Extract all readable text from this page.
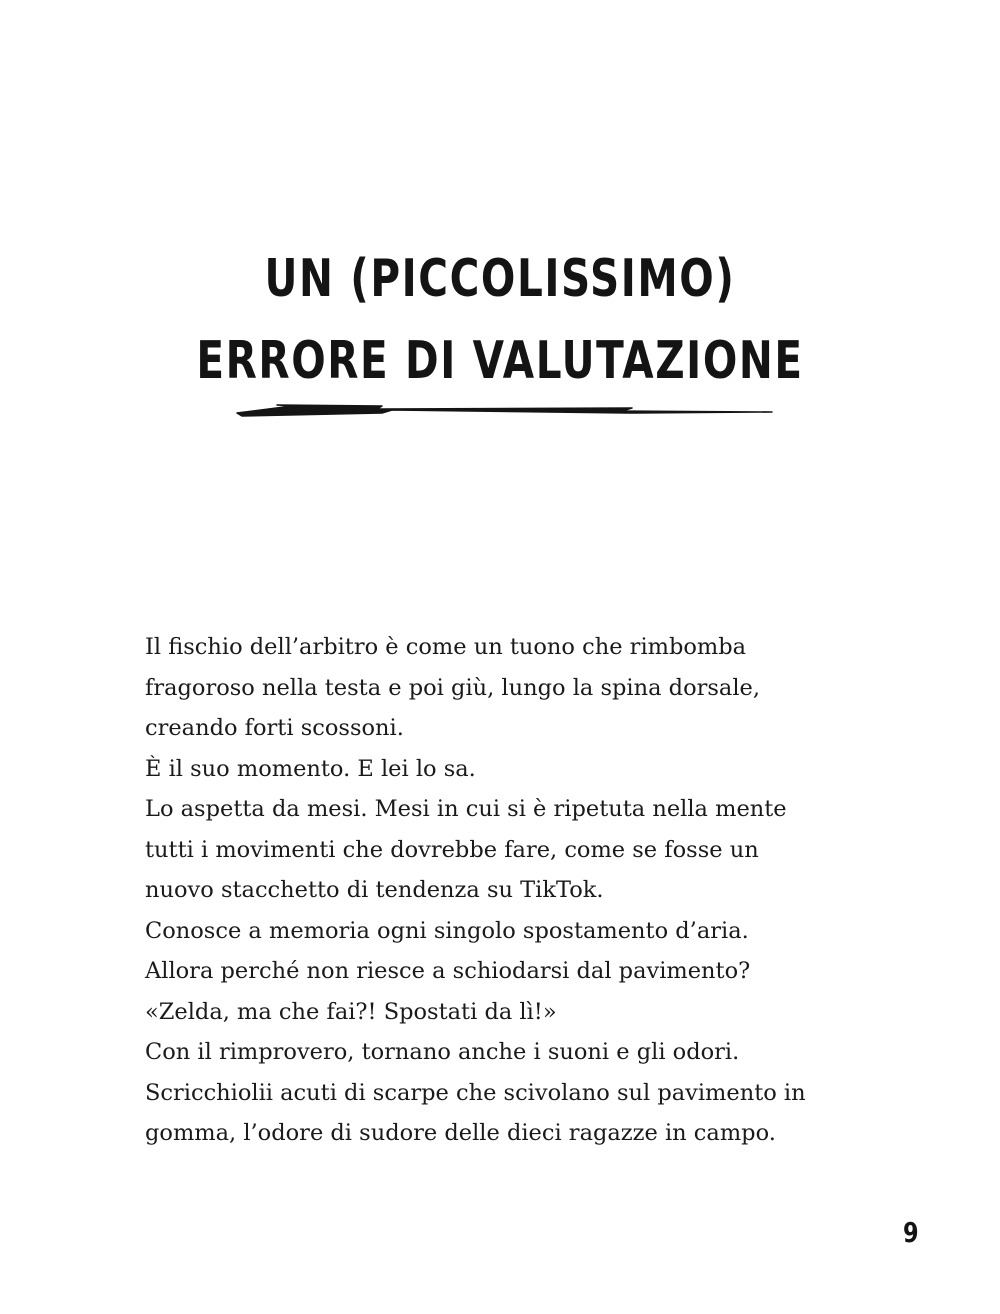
UN (PICCOLISSIMO)
ERRORE DI VALUTAZIONE
Il fischio dell’arbitro è come un tuono che rimbomba
fragoroso nella testa e poi giù, lungo la spina dorsale,
creando forti scossoni.
È il suo momento. E lei lo sa.
Lo aspetta da mesi. Mesi in cui si è ripetuta nella mente
tutti i movimenti che dovrebbe fare, come se fosse un
nuovo stacchetto di tendenza su TikTok.
Conosce a memoria ogni singolo spostamento d’aria.
Allora perché non riesce a schiodarsi dal pavimento?
«Zelda, ma che fai?! Spostati da lì!»
Con il rimprovero, tornano anche i suoni e gli odori.
Scricchiolii acuti di scarpe che scivolano sul pavimento in
gomma, l’odore di sudore delle dieci ragazze in campo.
9
